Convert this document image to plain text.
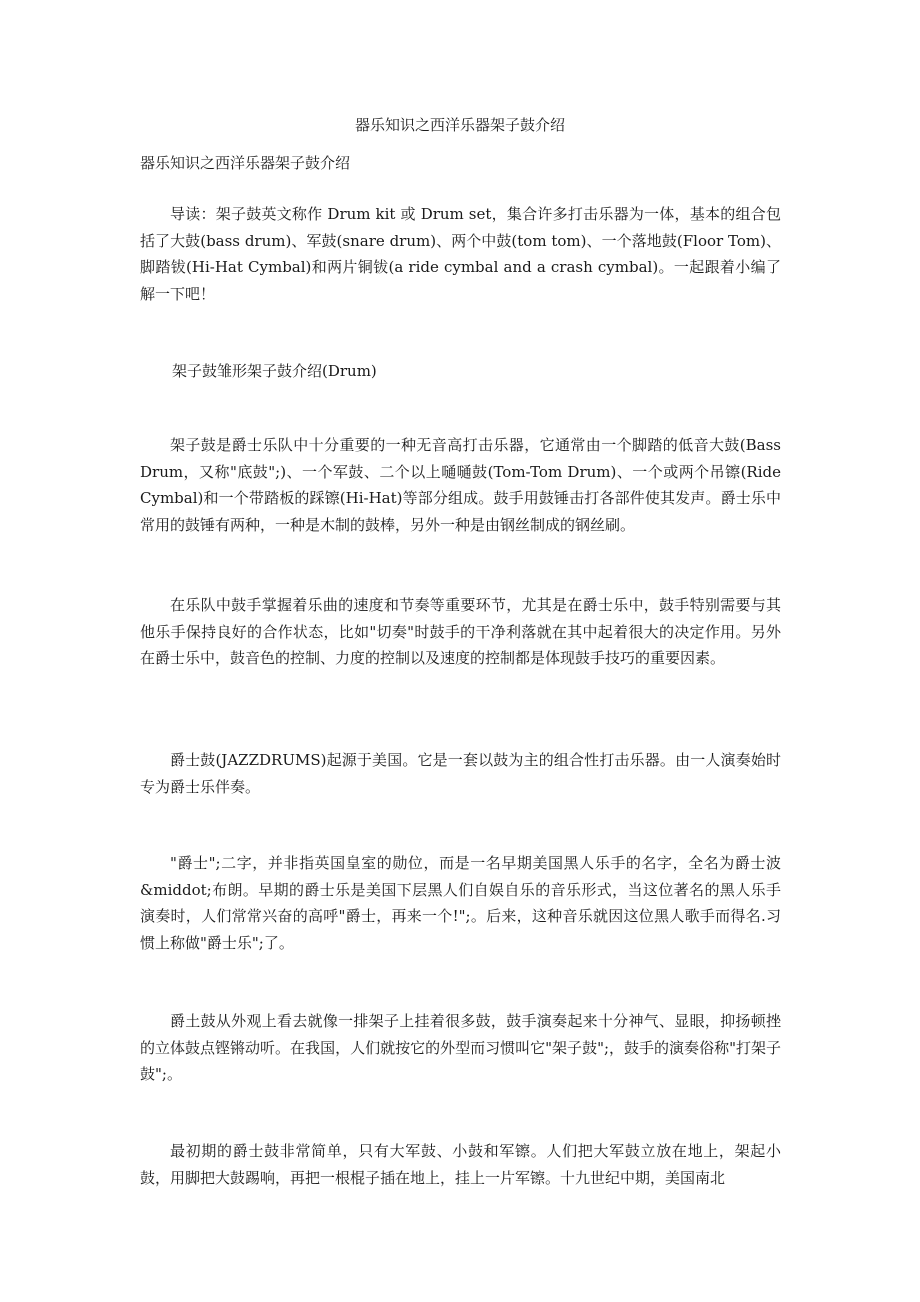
器乐知识之西洋乐器架子鼓介绍
器乐知识之西洋乐器架子鼓介绍

导读：架子鼓英文称作 Drum kit 或 Drum set，集合许多打击乐器为一体，基本的组合包括了大鼓(bass drum)、军鼓(snare drum)、两个中鼓(tom tom)、一个落地鼓(Floor Tom)、脚踏钹(Hi-Hat Cymbal)和两片铜钹(a ride cymbal and a crash cymbal)。一起跟着小编了解一下吧！

架子鼓雏形架子鼓介绍(Drum)

架子鼓是爵士乐队中十分重要的一种无音高打击乐器，它通常由一个脚踏的低音大鼓(Bass Drum，又称"底鼓";)、一个军鼓、二个以上嗵嗵鼓(Tom-Tom Drum)、一个或两个吊镲(Ride Cymbal)和一个带踏板的踩镲(Hi-Hat)等部分组成。鼓手用鼓锤击打各部件使其发声。爵士乐中常用的鼓锤有两种，一种是木制的鼓棒，另外一种是由钢丝制成的钢丝刷。

在乐队中鼓手掌握着乐曲的速度和节奏等重要环节，尤其是在爵士乐中，鼓手特别需要与其他乐手保持良好的合作状态，比如"切奏"时鼓手的干净利落就在其中起着很大的决定作用。另外在爵士乐中，鼓音色的控制、力度的控制以及速度的控制都是体现鼓手技巧的重要因素。

爵士鼓(JAZZDRUMS)起源于美国。它是一套以鼓为主的组合性打击乐器。由一人演奏始时专为爵士乐伴奏。

"爵士";二字，并非指英国皇室的勋位，而是一名早期美国黑人乐手的名字，全名为爵士波&middot;布朗。早期的爵士乐是美国下层黑人们自娱自乐的音乐形式，当这位著名的黑人乐手演奏时，人们常常兴奋的高呼"爵士，再来一个!";。后来，这种音乐就因这位黑人歌手而得名.习惯上称做"爵士乐";了。

爵土鼓从外观上看去就像一排架子上挂着很多鼓，鼓手演奏起来十分神气、显眼，抑扬顿挫的立体鼓点铿锵动听。在我国，人们就按它的外型而习惯叫它"架子鼓";，鼓手的演奏俗称"打架子鼓";。

最初期的爵士鼓非常简单，只有大军鼓、小鼓和军镲。人们把大军鼓立放在地上，架起小鼓，用脚把大鼓踢响，再把一根棍子插在地上，挂上一片军镲。十九世纪中期，美国南北
